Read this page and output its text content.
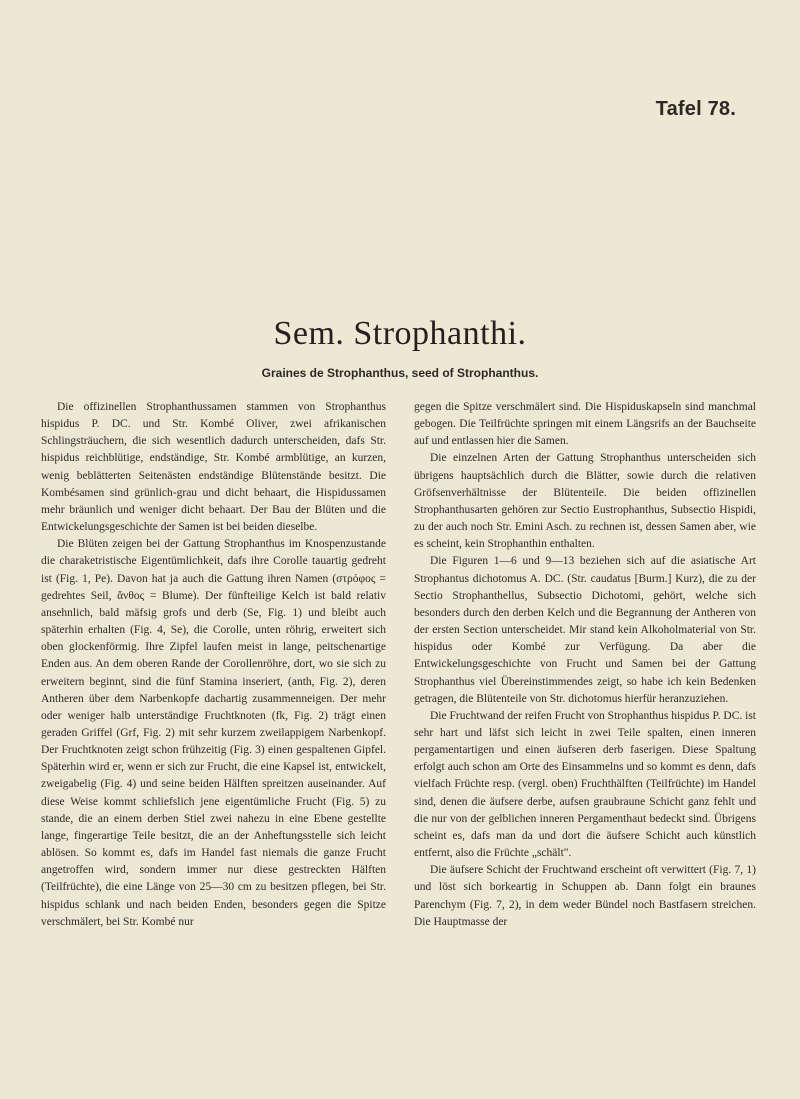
Tafel 78.
Sem. Strophanthi.
Graines de Strophanthus, seed of Strophanthus.

Die offizinellen Strophanthussamen stammen von Strophanthus hispidus P. DC. und Str. Kombé Oliver, zwei afrikanischen Schlingsträuchern, die sich wesentlich dadurch unterscheiden, dafs Str. hispidus reichblütige, endständige, Str. Kombé armblütige, an kurzen, wenig beblätterten Seitenästen endständige Blütenstände besitzt. Die Kombésamen sind grünlich-grau und dicht behaart, die Hispidussamen mehr bräunlich und weniger dicht behaart. Der Bau der Blüten und die Entwickelungsgeschichte der Samen ist bei beiden dieselbe.

Die Blüten zeigen bei der Gattung Strophanthus im Knospenzustande die charaketristische Eigentümlichkeit, dafs ihre Corolle tauartig gedreht ist (Fig. 1, Pe). Davon hat ja auch die Gattung ihren Namen (στρόφος = gedrehtes Seil, ἄνθος = Blume). Der fünfteilige Kelch ist bald relativ ansehnlich, bald mäfsig grofs und derb (Se, Fig. 1) und bleibt auch späterhin erhalten (Fig. 4, Se), die Corolle, unten röhrig, erweitert sich oben glockenförmig. Ihre Zipfel laufen meist in lange, peitschenartige Enden aus. An dem oberen Rande der Corollenröhre, dort, wo sie sich zu erweitern beginnt, sind die fünf Stamina inseriert, (anth, Fig. 2), deren Antheren über dem Narbenkopfe dachartig zusammenneigen. Der mehr oder weniger halb unterständige Fruchtknoten (fk, Fig. 2) trägt einen geraden Griffel (Grf, Fig. 2) mit sehr kurzem zweilappigem Narbenkopf. Der Fruchtknoten zeigt schon frühzeitig (Fig. 3) einen gespaltenen Gipfel. Späterhin wird er, wenn er sich zur Frucht, die eine Kapsel ist, entwickelt, zweigabelig (Fig. 4) und seine beiden Hälften spreitzen auseinander. Auf diese Weise kommt schliefslich jene eigentümliche Frucht (Fig. 5) zu stande, die an einem derben Stiel zwei nahezu in eine Ebene gestellte lange, fingerartige Teile besitzt, die an der Anheftungsstelle sich leicht ablösen. So kommt es, dafs im Handel fast niemals die ganze Frucht angetroffen wird, sondern immer nur diese gestreckten Hälften (Teilfrüchte), die eine Länge von 25—30 cm zu besitzen pflegen, bei Str. hispidus schlank und nach beiden Enden, besonders gegen die Spitze verschmälert, bei Str. Kombé nur

gegen die Spitze verschmälert sind. Die Hispiduskapseln sind manchmal gebogen. Die Teilfrüchte springen mit einem Längsrifs an der Bauchseite auf und entlassen hier die Samen.

Die einzelnen Arten der Gattung Strophanthus unterscheiden sich übrigens hauptsächlich durch die Blätter, sowie durch die relativen Gröfsenverhältnisse der Blütenteile. Die beiden offizinellen Strophanthusarten gehören zur Sectio Eustrophanthus, Subsectio Hispidi, zu der auch noch Str. Emini Asch. zu rechnen ist, dessen Samen aber, wie es scheint, kein Strophanthin enthalten.

Die Figuren 1—6 und 9—13 beziehen sich auf die asiatische Art Strophantus dichotomus A. DC. (Str. caudatus [Burm.] Kurz), die zu der Sectio Strophanthellus, Subsectio Dichotomi, gehört, welche sich besonders durch den derben Kelch und die Begrannung der Antheren von der ersten Section unterscheidet. Mir stand kein Alkoholmaterial von Str. hispidus oder Kombé zur Verfügung. Da aber die Entwickelungsgeschichte von Frucht und Samen bei der Gattung Strophanthus viel Übereinstimmendes zeigt, so habe ich kein Bedenken getragen, die Blütenteile von Str. dichotomus hierfür heranzuziehen.

Die Fruchtwand der reifen Frucht von Strophanthus hispidus P. DC. ist sehr hart und läfst sich leicht in zwei Teile spalten, einen inneren pergamentartigen und einen äufseren derb faserigen. Diese Spaltung erfolgt auch schon am Orte des Einsammelns und so kommt es denn, dafs vielfach Früchte resp. (vergl. oben) Fruchthälften (Teilfrüchte) im Handel sind, denen die äufsere derbe, aufsen graubraune Schicht ganz fehlt und die nur von der gelblichen inneren Pergamenthaut bedeckt sind. Übrigens scheint es, dafs man da und dort die äufsere Schicht auch künstlich entfernt, also die Früchte „schält".

Die äufsere Schicht der Fruchtwand erscheint oft verwittert (Fig. 7, 1) und löst sich borkeartig in Schuppen ab. Dann folgt ein braunes Parenchym (Fig. 7, 2), in dem weder Bündel noch Bastfasern streichen. Die Hauptmasse der
